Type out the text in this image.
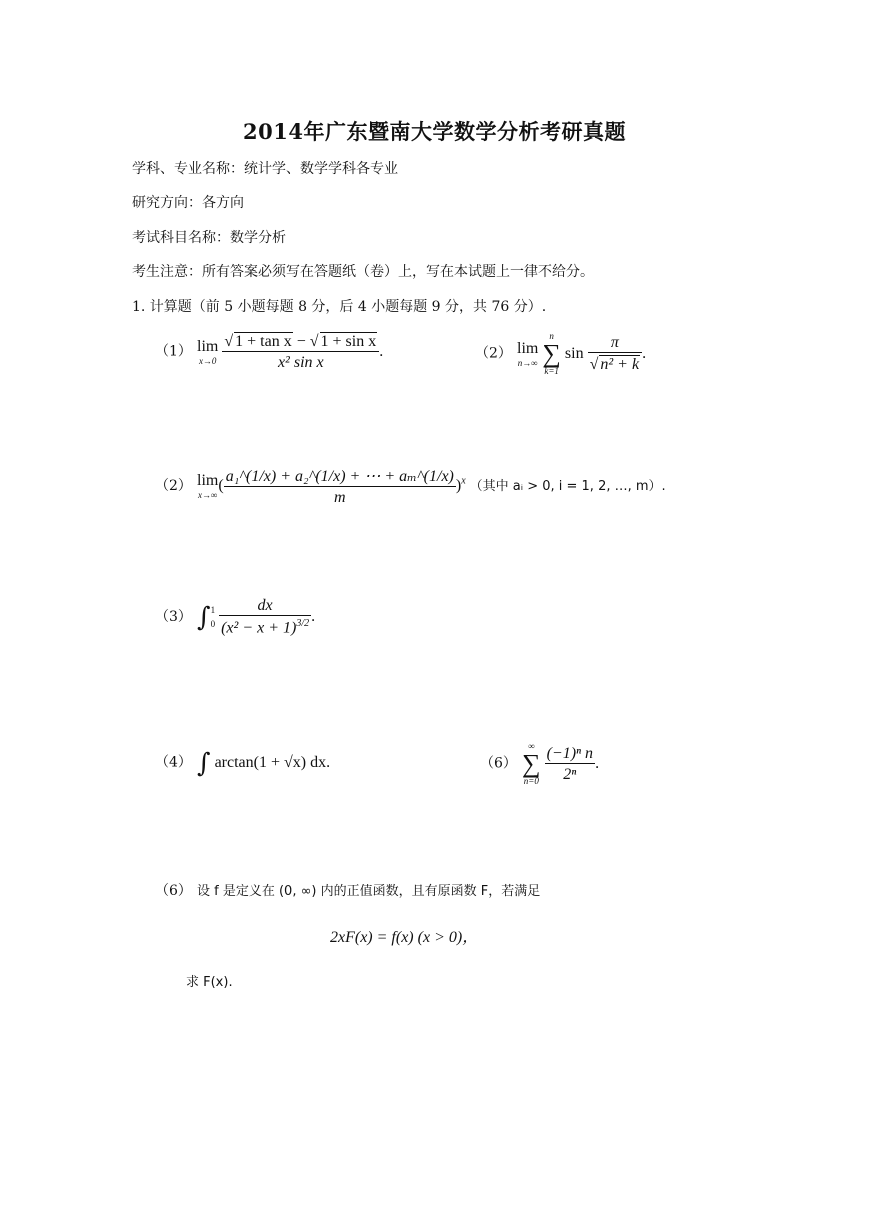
2014年广东暨南大学数学分析考研真题
学科、专业名称：统计学、数学学科各专业
研究方向：各方向
考试科目名称：数学分析
考生注意：所有答案必须写在答题纸（卷）上，写在本试题上一律不给分。
1. 计算题（前 5 小题每题 8 分，后 4 小题每题 9 分，共 76 分）.
（1） lim
x→0
$\frac{\text{√ 1 + tan x − √ 1 + sin x}}{\text{x² sin x}}$ .	（2） lim
n→∞

n
∑
k=1
$\sin \frac{\pi}{\text{√ n² + k}}$ .
（2） lim
x→∞
( $\frac{\text{a₁\textasciicircum{}(1/x) + a₂\textasciicircum{}(1/x) + ⋯ + aₘ\textasciicircum{}(1/x)}}{m} )^x$ （其中 aᵢ > 0, i = 1, 2, …, m）.
（3） ∫ 1
0
$\frac{dx}{(x^2 - x + 1)^{3/2}}$ .
（4） ∫ arctan(1 + √x) dx.	（6）
∞
∑
n=0
$\frac{\text{(−1)ⁿ n}}{\text{2ⁿ}}$ .
（6） 设 f 是定义在 (0, ∞) 内的正值函数，且有原函数 F，若满足
2xF(x) = f(x) (x > 0)，
求 F(x).
